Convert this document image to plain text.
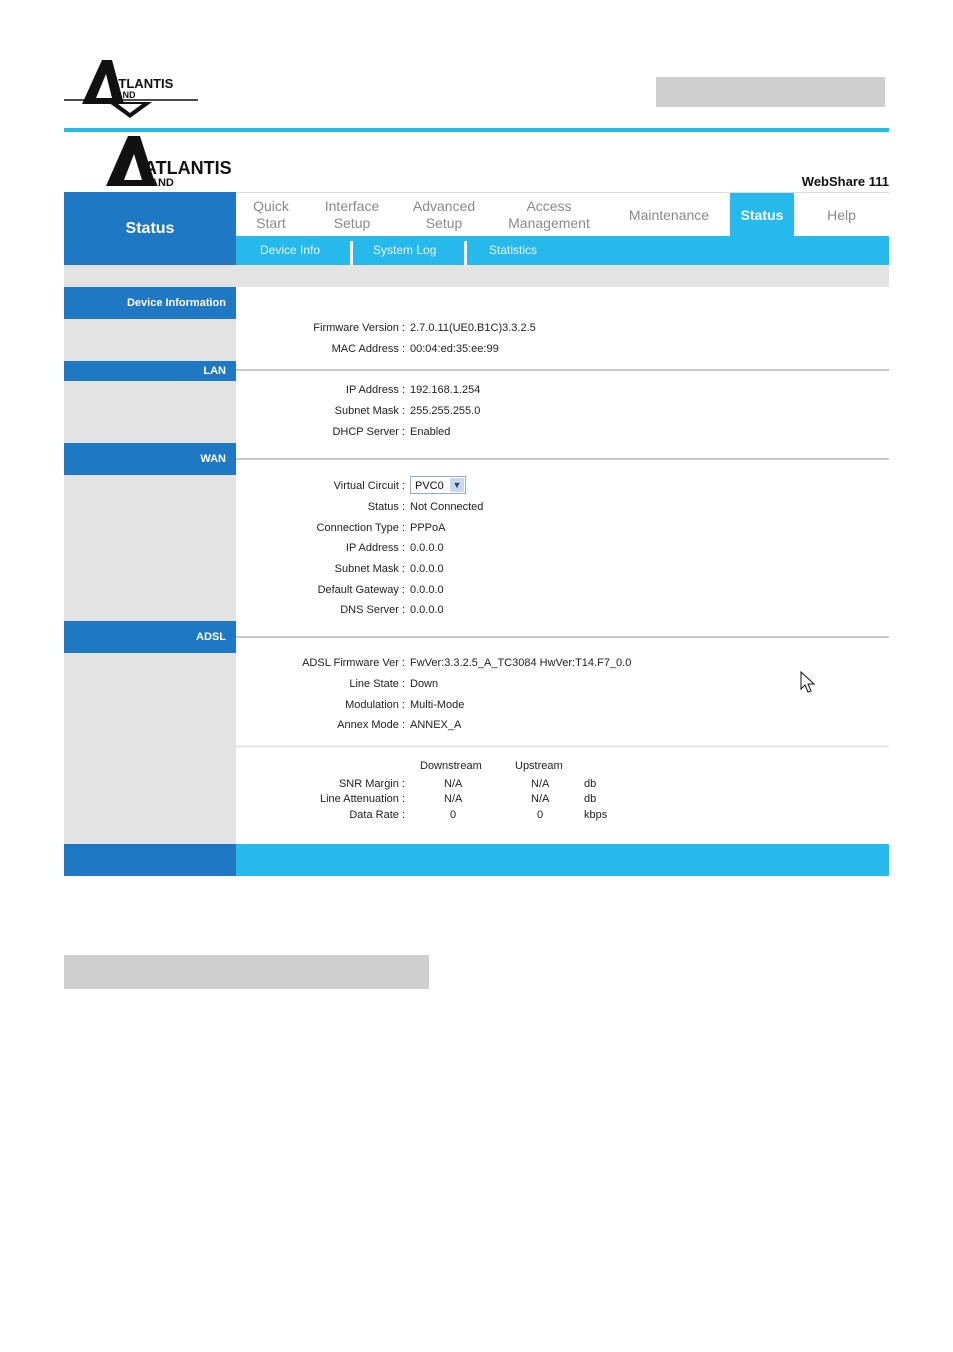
ATLANTIS
AND
ATLANTIS
AND	WebShare 111
Status
Quick
Start
Interface
Setup
Advanced
Setup
Access
Management
Maintenance	Status	Help
Device Info	System Log	Statistics
Device Information
LAN
WAN
ADSL
Firmware Version : 2.7.0.11(UE0.B1C)3.3.2.5
MAC Address : 00:04:ed:35:ee:99
IP Address : 192.168.1.254
Subnet Mask : 255.255.255.0
DHCP Server : Enabled
Virtual Circuit : PVC0 ▼
Status : Not Connected
Connection Type : PPPoA
IP Address : 0.0.0.0
Subnet Mask : 0.0.0.0
Default Gateway : 0.0.0.0
DNS Server : 0.0.0.0
ADSL Firmware Ver : FwVer:3.3.2.5_A_TC3084 HwVer:T14.F7_0.0
Line State : Down
Modulation : Multi-Mode
Annex Mode : ANNEX_A
Downstream	Upstream
SNR Margin :	N/A	N/A	db
Line Attenuation :	N/A	N/A	db
Data Rate :	0	0	kbps
